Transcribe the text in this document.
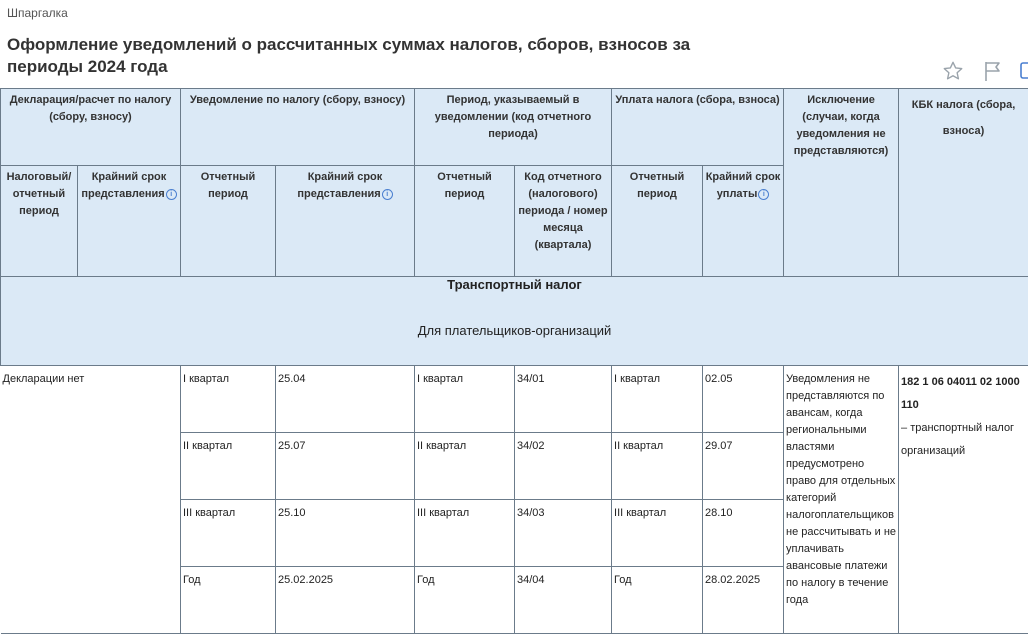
Шпаргалка
Оформление уведомлений о рассчитанных суммах налогов, сборов, взносов за периоды 2024 года
Декларация/расчет по налогу (сбору, взносу)		Уведомление по налогу (сбору, взносу)		Период, указываемый в уведомлении (код отчетного периода)		Уплата налога (сбора, взноса)		Исключение (случаи, когда уведомления не представляются)	КБК налога (сбора, взноса)
Налоговый/ отчетный период	Крайний срок представления i	Отчетный период	Крайний срок представления i	Отчетный период	Код отчетного (налогового) периода / номер месяца (квартала)	Отчетный период	Крайний срок уплаты i		

Транспортный налог
Для плательщиков-организаций									

Декларации нет		I квартал	25.04	I квартал	34/01	I квартал	02.05	Уведомления не представляются по авансам, когда региональными властями предусмотрено право для отдельных категорий налогоплательщиков не рассчитывать и не уплачивать авансовые платежи по налогу в течение года	182 1 06 04011 02 1000 110
– транспортный налог организаций

		II квартал	25.07	II квартал	34/02	II квартал	29.07		
		III квартал	25.10	III квартал	34/03	III квартал	28.10		
		Год	25.02.2025	Год	34/04	Год	28.02.2025		
